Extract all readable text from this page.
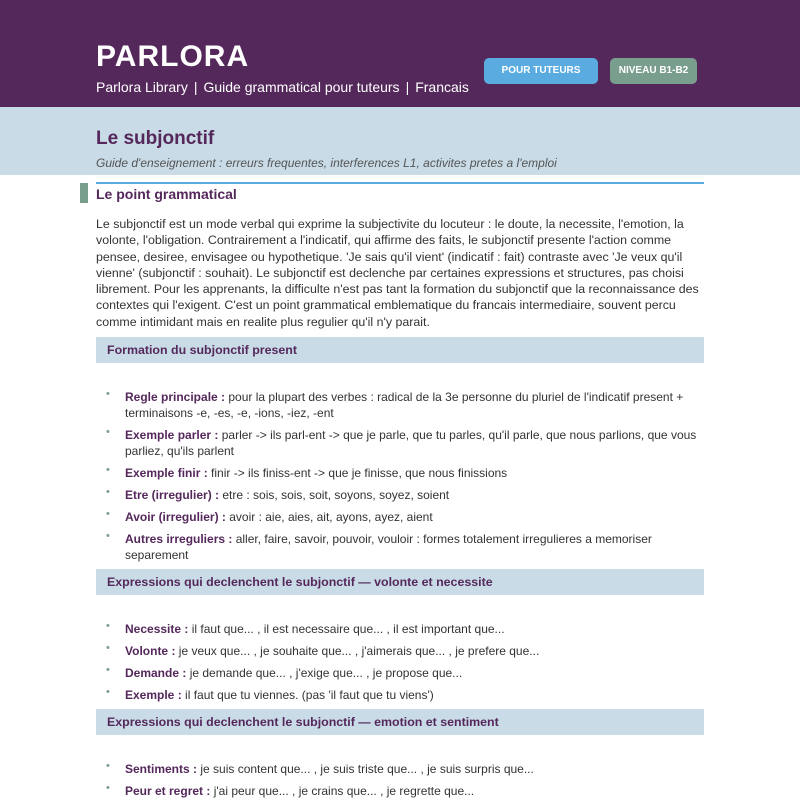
PARLORA
Parlora Library | Guide grammatical pour tuteurs | Francais
POUR TUTEURS	NIVEAU B1-B2
Le subjonctif
Guide d'enseignement : erreurs frequentes, interferences L1, activites pretes a l'emploi
Le point grammatical

Le subjonctif est un mode verbal qui exprime la subjectivite du locuteur : le doute, la necessite, l'emotion, la volonte, l'obligation. Contrairement a l'indicatif, qui affirme des faits, le subjonctif presente l'action comme pensee, desiree, envisagee ou hypothetique. 'Je sais qu'il vient' (indicatif : fait) contraste avec 'Je veux qu'il vienne' (subjonctif : souhait). Le subjonctif est declenche par certaines expressions et structures, pas choisi librement. Pour les apprenants, la difficulte n'est pas tant la formation du subjonctif que la reconnaissance des contextes qui l'exigent. C'est un point grammatical emblematique du francais intermediaire, souvent percu comme intimidant mais en realite plus regulier qu'il n'y parait.

Formation du subjonctif present
• Regle principale : pour la plupart des verbes : radical de la 3e personne du pluriel de l'indicatif present + terminaisons -e, -es, -e, -ions, -iez, -ent
• Exemple parler : parler -> ils parl-ent -> que je parle, que tu parles, qu'il parle, que nous parlions, que vous parliez, qu'ils parlent
• Exemple finir : finir -> ils finiss-ent -> que je finisse, que nous finissions
• Etre (irregulier) : etre : sois, sois, soit, soyons, soyez, soient
• Avoir (irregulier) : avoir : aie, aies, ait, ayons, ayez, aient
• Autres irreguliers : aller, faire, savoir, pouvoir, vouloir : formes totalement irregulieres a memoriser separement
Expressions qui declenchent le subjonctif — volonte et necessite
• Necessite : il faut que... , il est necessaire que... , il est important que...
• Volonte : je veux que... , je souhaite que... , j'aimerais que... , je prefere que...
• Demande : je demande que... , j'exige que... , je propose que...
• Exemple : il faut que tu viennes. (pas 'il faut que tu viens')
Expressions qui declenchent le subjonctif — emotion et sentiment
• Sentiments : je suis content que... , je suis triste que... , je suis surpris que...
• Peur et regret : j'ai peur que... , je crains que... , je regrette que...
